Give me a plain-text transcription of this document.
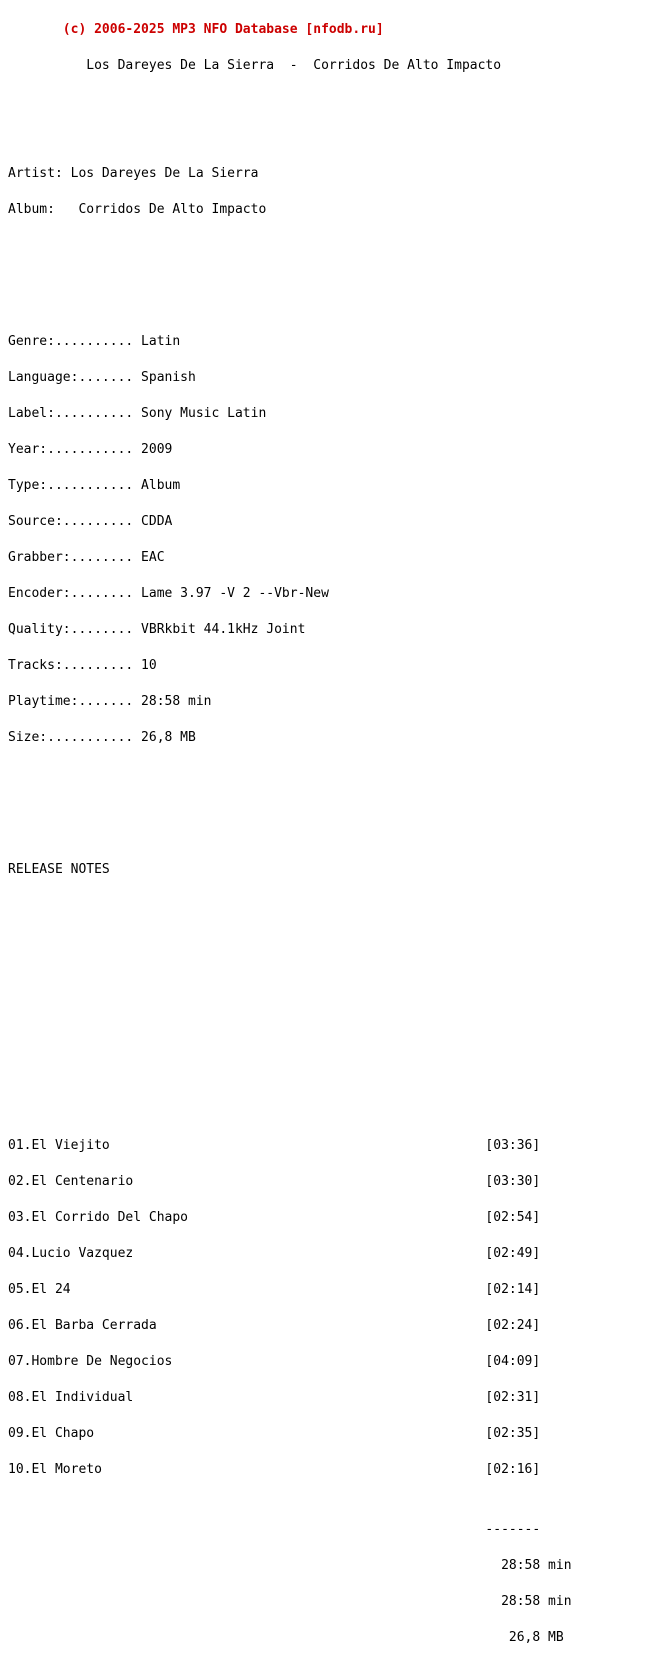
(c) 2006-2025 MP3 NFO Database [nfodb.ru]

Los Dareyes De La Sierra  -  Corridos De Alto Impacto

Artist: Los Dareyes De La Sierra

Album:   Corridos De Alto Impacto

Genre:.......... Latin

Language:....... Spanish

Label:.......... Sony Music Latin

Year:........... 2009

Type:........... Album

Source:......... CDDA

Grabber:........ EAC

Encoder:........ Lame 3.97 -V 2 --Vbr-New

Quality:........ VBRkbit 44.1kHz Joint

Tracks:......... 10

Playtime:....... 28:58 min

Size:........... 26,8 MB

RELEASE NOTES

01.El Viejito                                                [03:36]

02.El Centenario                                             [03:30]

03.El Corrido Del Chapo                                      [02:54]

04.Lucio Vazquez                                             [02:49]

05.El 24                                                     [02:14]

06.El Barba Cerrada                                          [02:24]

07.Hombre De Negocios                                        [04:09]

08.El Individual                                             [02:31]

09.El Chapo                                                  [02:35]

10.El Moreto                                                 [02:16]

-------

28:58 min

28:58 min

26,8 MB
